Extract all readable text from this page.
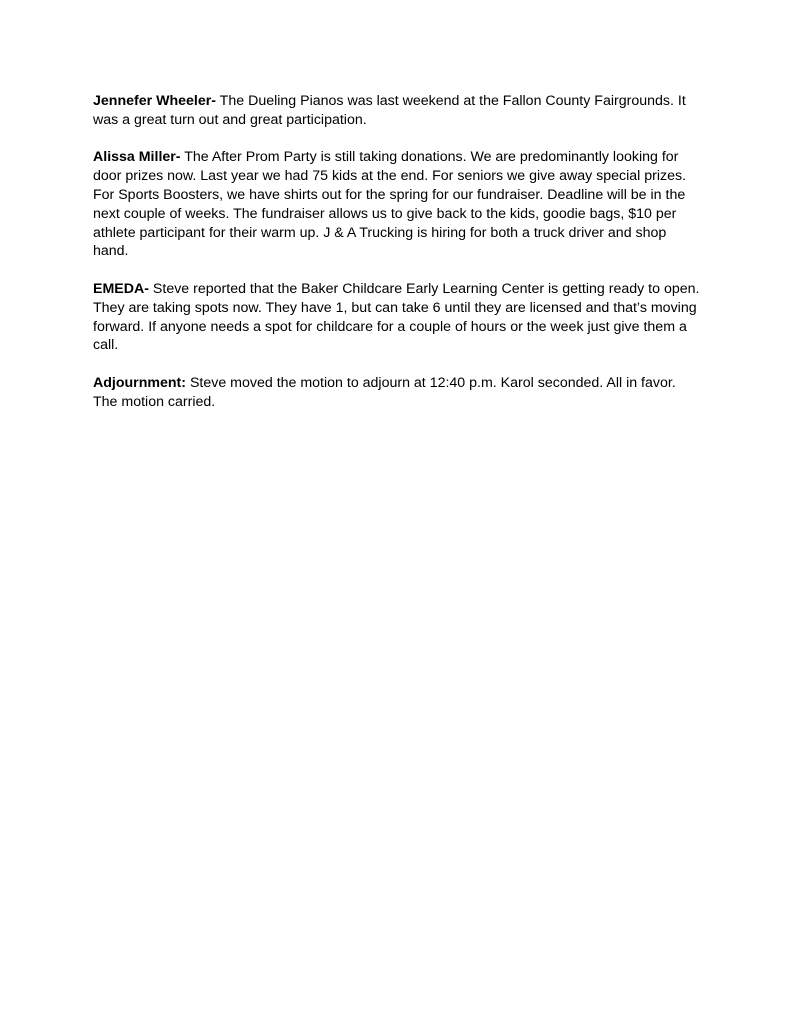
Jennefer Wheeler- The Dueling Pianos was last weekend at the Fallon County Fairgrounds. It was a great turn out and great participation.

Alissa Miller- The After Prom Party is still taking donations. We are predominantly looking for door prizes now. Last year we had 75 kids at the end. For seniors we give away special prizes. For Sports Boosters, we have shirts out for the spring for our fundraiser. Deadline will be in the next couple of weeks. The fundraiser allows us to give back to the kids, goodie bags, $10 per athlete participant for their warm up. J & A Trucking is hiring for both a truck driver and shop hand.

EMEDA- Steve reported that the Baker Childcare Early Learning Center is getting ready to open. They are taking spots now. They have 1, but can take 6 until they are licensed and that’s moving forward. If anyone needs a spot for childcare for a couple of hours or the week just give them a call.

Adjournment: Steve moved the motion to adjourn at 12:40 p.m. Karol seconded. All in favor. The motion carried.
